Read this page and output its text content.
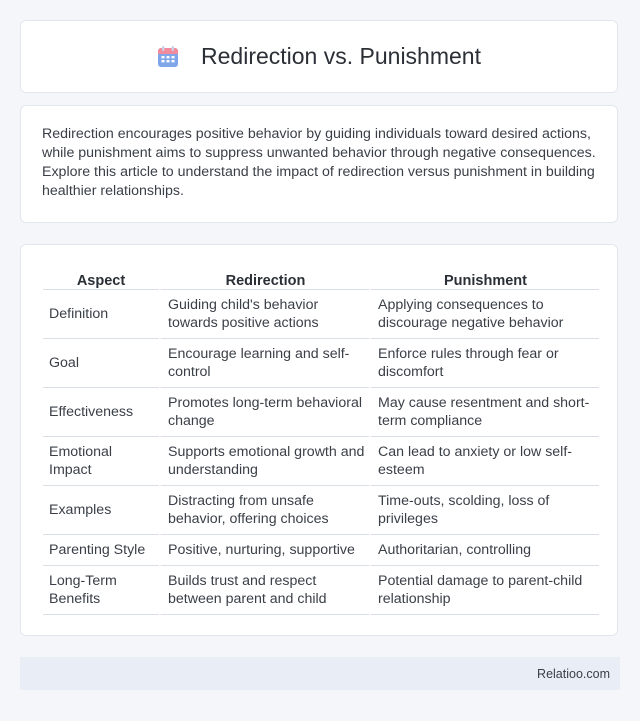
Redirection vs. Punishment

Redirection encourages positive behavior by guiding individuals toward desired actions, while punishment aims to suppress unwanted behavior through negative consequences. Explore this article to understand the impact of redirection versus punishment in building healthier relationships.

Aspect	Redirection	Punishment
Definition	Guiding child's behavior towards positive actions	Applying consequences to discourage negative behavior
Goal	Encourage learning and self-control	Enforce rules through fear or discomfort
Effectiveness	Promotes long-term behavioral change	May cause resentment and short-term compliance
Emotional Impact	Supports emotional growth and understanding	Can lead to anxiety or low self-esteem
Examples	Distracting from unsafe behavior, offering choices	Time-outs, scolding, loss of privileges
Parenting Style	Positive, nurturing, supportive	Authoritarian, controlling
Long-Term Benefits	Builds trust and respect between parent and child	Potential damage to parent-child relationship
Relatioo.com
